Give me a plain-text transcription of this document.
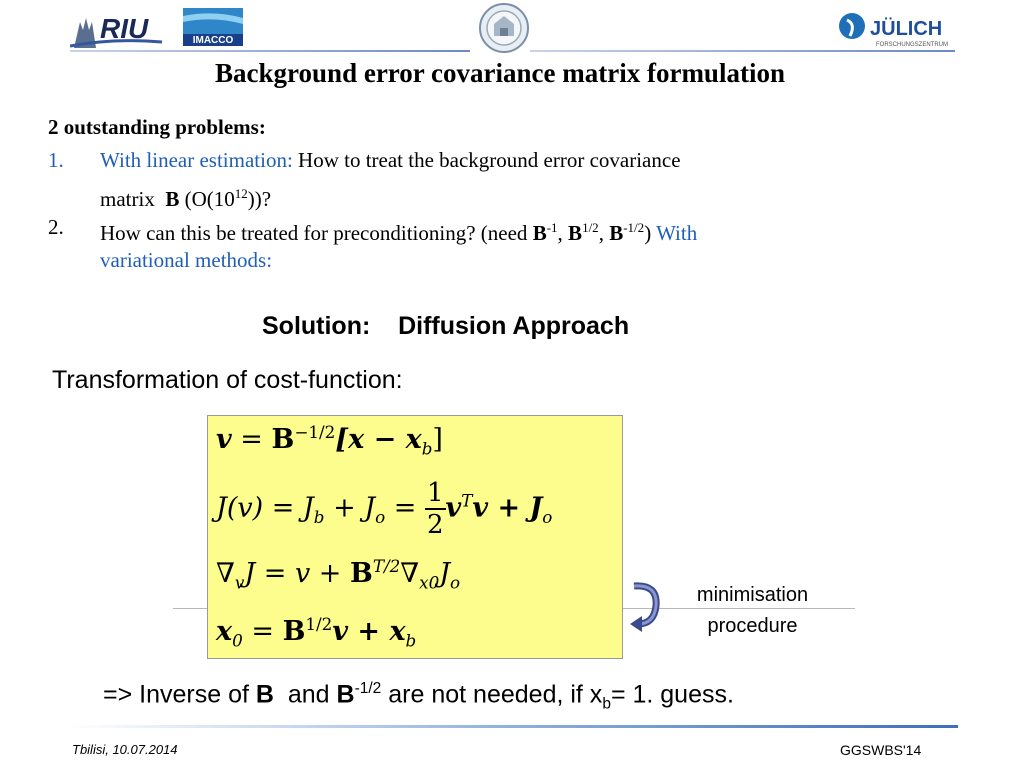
RIU	IMACCO
JÜLICH
FORSCHUNGSZENTRUM
Background error covariance matrix formulation
2 outstanding problems:
1. With linear estimation: How to treat the background error covariance
matrix B $(O(10^{12}))$?
2. How can this be treated for preconditioning? (need $B^{-1}$, $B^{1/2}$, $B^{-1/2}$) With
variational methods:
Solution:    Diffusion Approach
Transformation of cost-function:
$v = B^{-1/2}[x - x_b]$
$J(v) = J_b + J_o = \frac{1}{2} v^Tv + J_o$
$\nabla_vJ = v + B^{T/2}\nabla_{x0}J_o$
$x_0 = B^{1/2}v + x_b$
minimisation
procedure
=> Inverse of B and $B^{-1/2}$ are not needed, if $x_b= 1$. guess.
Tbilisi, 10.07.2014	GGSWBS'14
